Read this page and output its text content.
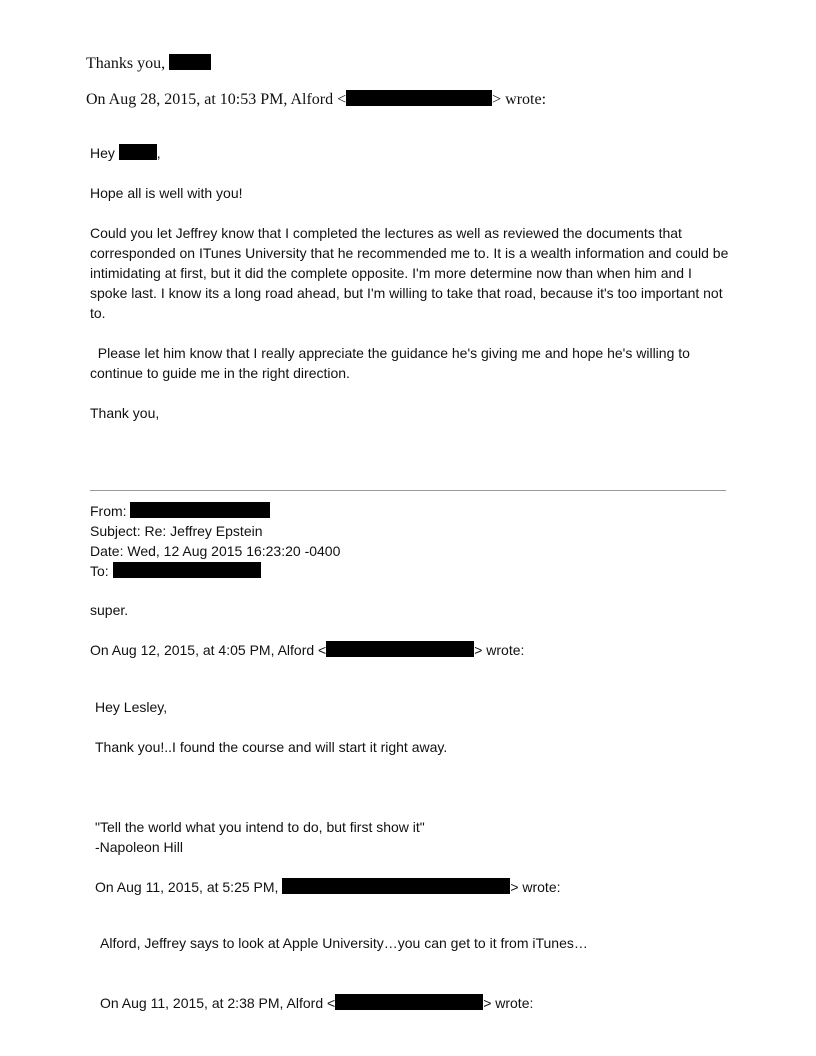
Thanks you,
On Aug 28, 2015, at 10:53 PM, Alford <	> wrote:
Hey	,
Hope all is well with you!
Could you let Jeffrey know that I completed the lectures as well as reviewed the documents that corresponded on ITunes University that he recommended me to. It is a wealth information and could be intimidating at first, but it did the complete opposite. I'm more determine now than when him and I spoke last. I know its a long road ahead, but I'm willing to take that road, because it's too important not to.
Please let him know that I really appreciate the guidance he's giving me and hope he's willing to continue to guide me in the right direction.
Thank you,
From:
Subject: Re: Jeffrey Epstein
Date: Wed, 12 Aug 2015 16:23:20 -0400
To:
super.
On Aug 12, 2015, at 4:05 PM, Alford <	> wrote:
Hey Lesley,
Thank you!..I found the course and will start it right away.
"Tell the world what you intend to do, but first show it"
-Napoleon Hill
On Aug 11, 2015, at 5:25 PM,	> wrote:
Alford, Jeffrey says to look at Apple University…you can get to it from iTunes…
On Aug 11, 2015, at 2:38 PM, Alford <	> wrote:
